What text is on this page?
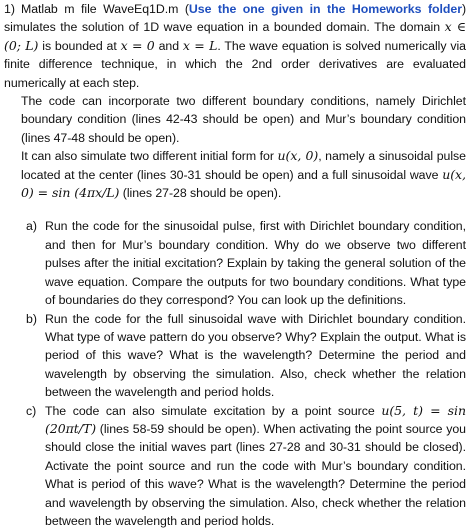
1) Matlab m file WaveEq1D.m (Use the one given in the Homeworks folder) simulates the solution of 1D wave equation in a bounded domain. The domain x ∈ (0; L) is bounded at x = 0 and x = L. The wave equation is solved numerically via finite difference technique, in which the 2nd order derivatives are evaluated numerically at each step.

The code can incorporate two different boundary conditions, namely Dirichlet boundary condition (lines 42-43 should be open) and Mur’s boundary condition (lines 47-48 should be open).

It can also simulate two different initial form for u(x, 0), namely a sinusoidal pulse located at the center (lines 30-31 should be open) and a full sinusoidal wave u(x, 0) = sin (4πx/L) (lines 27-28 should be open).

a) Run the code for the sinusoidal pulse, first with Dirichlet boundary condition, and then for Mur’s boundary condition. Why do we observe two different pulses after the initial excitation? Explain by taking the general solution of the wave equation. Compare the outputs for two boundary conditions. What type of boundaries do they correspond? You can look up the definitions.
b) Run the code for the full sinusoidal wave with Dirichlet boundary condition. What type of wave pattern do you observe? Why? Explain the output. What is period of this wave? What is the wavelength? Determine the period and wavelength by observing the simulation. Also, check whether the relation between the wavelength and period holds.
c) The code can also simulate excitation by a point source u(5, t) = sin (20πt/T) (lines 58-59 should be open). When activating the point source you should close the initial waves part (lines 27-28 and 30-31 should be closed). Activate the point source and run the code with Mur’s boundary condition. What is period of this wave? What is the wavelength? Determine the period and wavelength by observing the simulation. Also, check whether the relation between the wavelength and period holds.
